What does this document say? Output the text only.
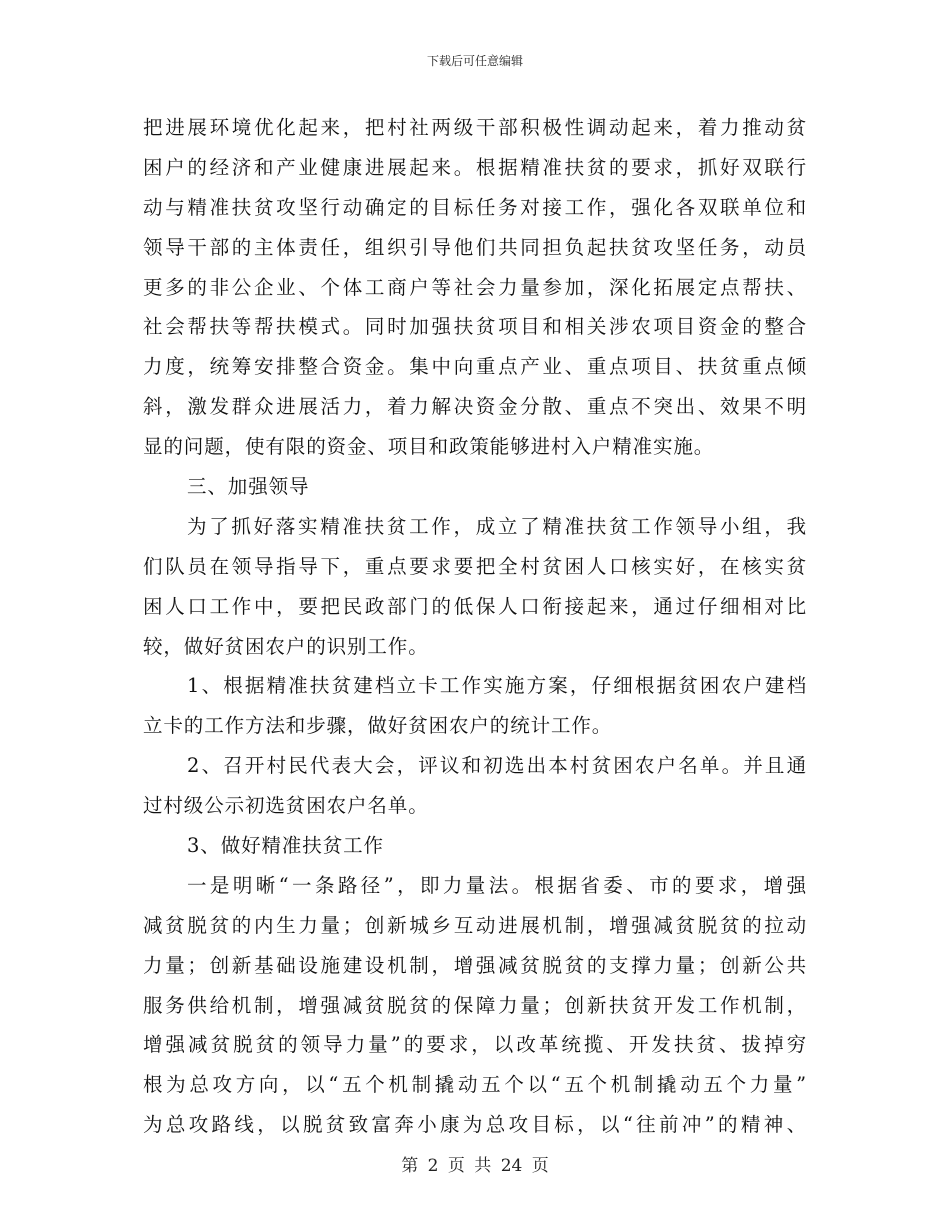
下载后可任意编辑
把进展环境优化起来，把村社两级干部积极性调动起来，着力推动贫
困户的经济和产业健康进展起来。根据精准扶贫的要求，抓好双联行
动与精准扶贫攻坚行动确定的目标任务对接工作，强化各双联单位和
领导干部的主体责任，组织引导他们共同担负起扶贫攻坚任务，动员
更多的非公企业、个体工商户等社会力量参加，深化拓展定点帮扶、
社会帮扶等帮扶模式。同时加强扶贫项目和相关涉农项目资金的整合
力度，统筹安排整合资金。集中向重点产业、重点项目、扶贫重点倾
斜，激发群众进展活力，着力解决资金分散、重点不突出、效果不明
显的问题，使有限的资金、项目和政策能够进村入户精准实施。
三、加强领导
为了抓好落实精准扶贫工作，成立了精准扶贫工作领导小组，我
们队员在领导指导下，重点要求要把全村贫困人口核实好，在核实贫
困人口工作中，要把民政部门的低保人口衔接起来，通过仔细相对比
较，做好贫困农户的识别工作。
1、根据精准扶贫建档立卡工作实施方案，仔细根据贫困农户建档
立卡的工作方法和步骤，做好贫困农户的统计工作。
2、召开村民代表大会，评议和初选出本村贫困农户名单。并且通
过村级公示初选贫困农户名单。
3、做好精准扶贫工作
一是明晰“一条路径”，即力量法。根据省委、市的要求，增强
减贫脱贫的内生力量；创新城乡互动进展机制，增强减贫脱贫的拉动
力量；创新基础设施建设机制，增强减贫脱贫的支撑力量；创新公共
服务供给机制，增强减贫脱贫的保障力量；创新扶贫开发工作机制，
增强减贫脱贫的领导力量”的要求，以改革统揽、开发扶贫、拔掉穷
根为总攻方向，以“五个机制撬动五个以“五个机制撬动五个力量”
为总攻路线，以脱贫致富奔小康为总攻目标，以“往前冲”的精神、
第 2 页 共 24 页
